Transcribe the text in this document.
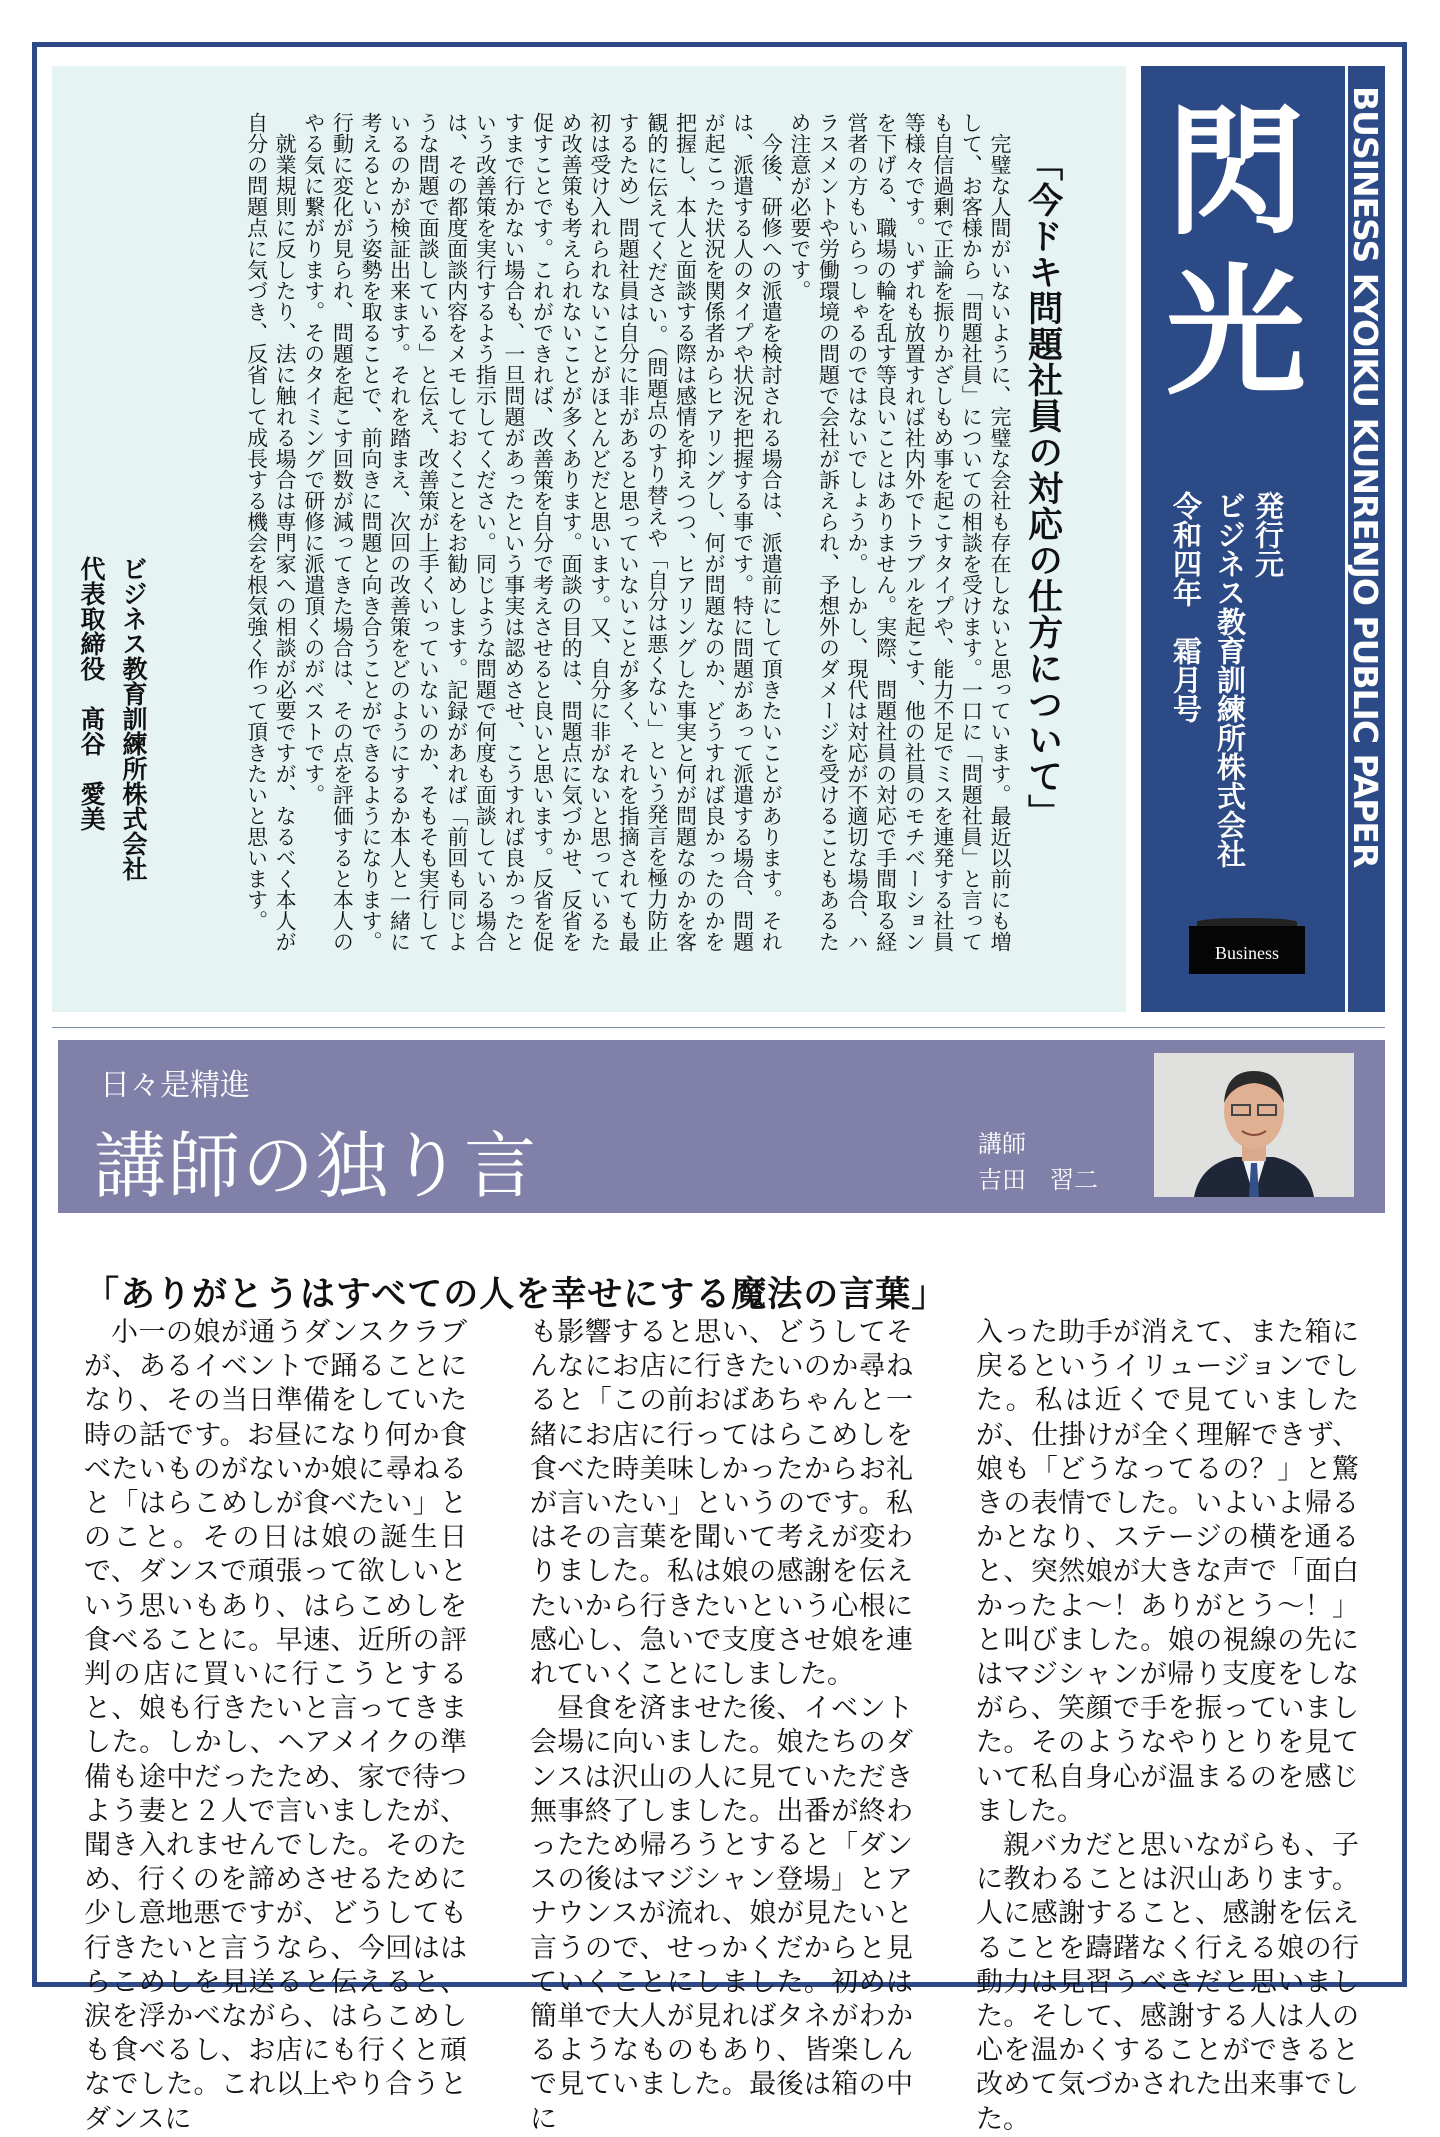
「今ドキ問題社員の対応の仕方について」

完璧な人間がいないように、完璧な会社も存在しないと思っています。最近以前にも増して、お客様から「問題社員」についての相談を受けます。一口に「問題社員」と言っても自信過剰で正論を振りかざしもめ事を起こすタイプや、能力不足でミスを連発する社員等様々です。いずれも放置すれば社内外でトラブルを起こす、他の社員のモチベーションを下げる、職場の輪を乱す等良いことはありません。実際、問題社員の対応で手間取る経営者の方もいらっしゃるのではないでしょうか。しかし、現代は対応が不適切な場合、ハラスメントや労働環境の問題で会社が訴えられ、予想外のダメージを受けることもあるため注意が必要です。

今後、研修への派遣を検討される場合は、派遣前にして頂きたいことがあります。それは、派遣する人のタイプや状況を把握する事です。特に問題があって派遣する場合、問題が起こった状況を関係者からヒアリングし、何が問題なのか、どうすれば良かったのかを把握し、本人と面談する際は感情を抑えつつ、ヒアリングした事実と何が問題なのかを客観的に伝えてください。（問題点のすり替えや「自分は悪くない」という発言を極力防止するため）問題社員は自分に非があると思っていないことが多く、それを指摘されても最初は受け入れられないことがほとんどだと思います。又、自分に非がないと思っているため改善策も考えられないことが多くあります。面談の目的は、問題点に気づかせ、反省を促すことです。これができれば、改善策を自分で考えさせると良いと思います。反省を促すまで行かない場合も、一旦問題があったという事実は認めさせ、こうすれば良かったという改善策を実行するよう指示してください。同じような問題で何度も面談している場合は、その都度面談内容をメモしておくことをお勧めします。記録があれば「前回も同じような問題で面談している」と伝え、改善策が上手くいっていないのか、そもそも実行しているのかが検証出来ます。それを踏まえ、次回の改善策をどのようにするか本人と一緒に考えるという姿勢を取ることで、前向きに問題と向き合うことができるようになります。行動に変化が見られ、問題を起こす回数が減ってきた場合は、その点を評価すると本人のやる気に繋がります。そのタイミングで研修に派遣頂くのがベストです。

就業規則に反したり、法に触れる場合は専門家への相談が必要ですが、なるべく本人が自分の問題点に気づき、反省して成長する機会を根気強く作って頂きたいと思います。

ビジネス教育訓練所株式会社
代表取締役　髙谷　愛美
閃
光
発行元
ビジネス教育訓練所株式会社
令和四年　霜月号
Business
BUSINESS KYOIKU KUNRENJO PUBLIC PAPER
日々是精進
講師の独り言	講師
吉田　習二
「ありがとうはすべての人を幸せにする魔法の言葉」

小一の娘が通うダンスクラブが、あるイベントで踊ることになり、その当日準備をしていた時の話です。お昼になり何か食べたいものがないか娘に尋ねると「はらこめしが食べたい」とのこと。その日は娘の誕生日で、ダンスで頑張って欲しいという思いもあり、はらこめしを食べることに。早速、近所の評判の店に買いに行こうとすると、娘も行きたいと言ってきました。しかし、ヘアメイクの準備も途中だったため、家で待つよう妻と２人で言いましたが、聞き入れませんでした。そのため、行くのを諦めさせるために少し意地悪ですが、どうしても行きたいと言うなら、今回ははらこめしを見送ると伝えると、涙を浮かべながら、はらこめしも食べるし、お店にも行くと頑なでした。これ以上やり合うとダンスに

も影響すると思い、どうしてそんなにお店に行きたいのか尋ねると「この前おばあちゃんと一緒にお店に行ってはらこめしを食べた時美味しかったからお礼が言いたい」というのです。私はその言葉を聞いて考えが変わりました。私は娘の感謝を伝えたいから行きたいという心根に感心し、急いで支度させ娘を連れていくことにしました。

昼食を済ませた後、イベント会場に向いました。娘たちのダンスは沢山の人に見ていただき無事終了しました。出番が終わったため帰ろうとすると「ダンスの後はマジシャン登場」とアナウンスが流れ、娘が見たいと言うので、せっかくだからと見ていくことにしました。初めは簡単で大人が見ればタネがわかるようなものもあり、皆楽しんで見ていました。最後は箱の中に

入った助手が消えて、また箱に戻るというイリュージョンでした。私は近くで見ていましたが、仕掛けが全く理解できず、娘も「どうなってるの？」と驚きの表情でした。いよいよ帰るかとなり、ステージの横を通ると、突然娘が大きな声で「面白かったよ～！ありがとう～！」と叫びました。娘の視線の先にはマジシャンが帰り支度をしながら、笑顔で手を振っていました。そのようなやりとりを見ていて私自身心が温まるのを感じました。

親バカだと思いながらも、子に教わることは沢山あります。人に感謝すること、感謝を伝えることを躊躇なく行える娘の行動力は見習うべきだと思いました。そして、感謝する人は人の心を温かくすることができると改めて気づかされた出来事でした。
